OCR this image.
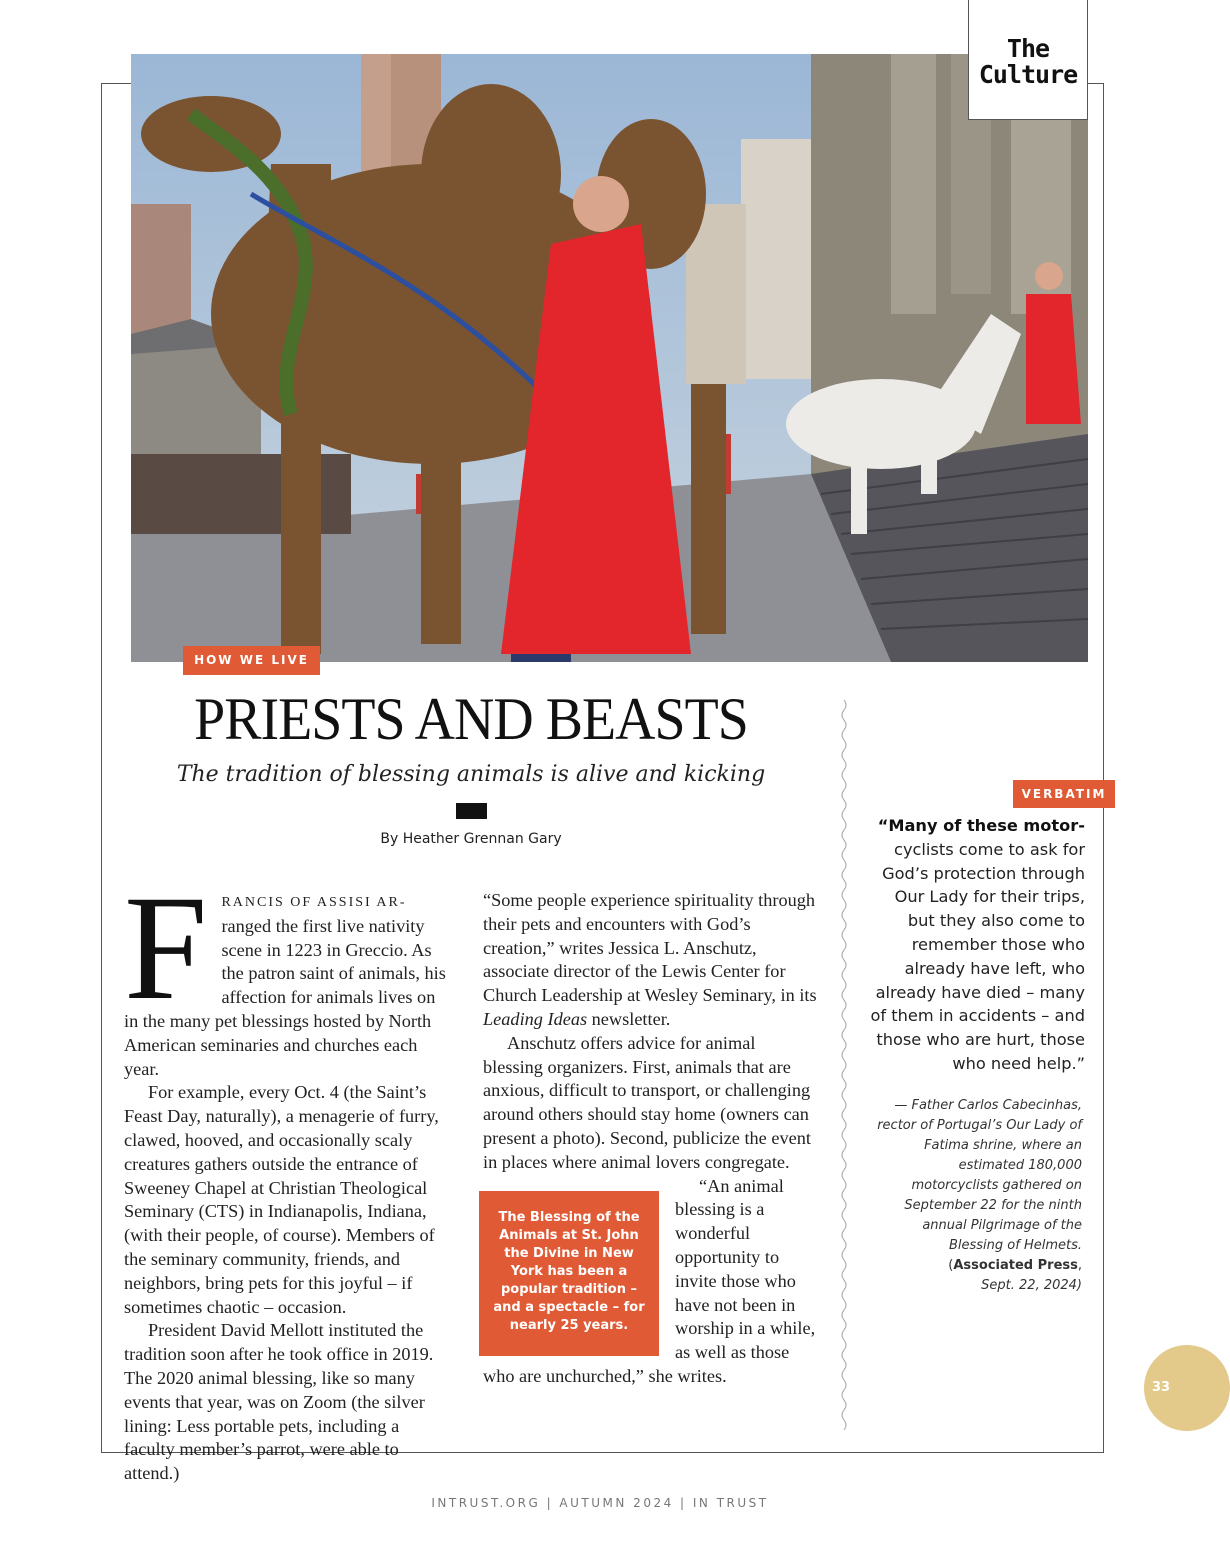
The
Culture
HOW WE LIVE
PRIESTS AND BEASTS
The tradition of blessing animals is alive and kicking
By Heather Grennan Gary

F RANCIS OF ASSISI AR- ranged the first live nativity scene in 1223 in Greccio. As the patron saint of animals, his affection for animals lives on in the many pet blessings hosted by North American seminaries and churches each year.

For example, every Oct. 4 (the Saint’s Feast Day, naturally), a menagerie of furry, clawed, hooved, and occasionally scaly creatures gathers outside the entrance of Sweeney Chapel at Christian Theological Seminary (CTS) in Indianapolis, Indiana, (with their people, of course). Members of the seminary community, friends, and neighbors, bring pets for this joyful – if sometimes chaotic – occasion.

President David Mellott instituted the tradition soon after he took office in 2019. The 2020 animal blessing, like so many events that year, was on Zoom (the silver lining: Less portable pets, including a faculty member’s parrot, were able to attend.)

“Some people experience spirituality through their pets and encounters with God’s creation,” writes Jessica L. Anschutz, associate director of the Lewis Center for Church Leadership at Wesley Seminary, in its

Leading Ideas newsletter.

Anschutz offers advice for animal blessing organizers. First, animals that are anxious, difficult to transport, or challenging around others should stay home (owners can present a photo). Second, publicize the event in places where animal lovers congregate.

The Blessing of the Animals at St. John the Divine in New York has been a popular tradition – and a spectacle – for nearly 25 years.

“An animal blessing is a wonderful opportunity to invite those who have not been in worship in a while, as well as those who are unchurched,” she writes.

VERBATIM
“Many of these motor- cyclists come to ask for God’s protection through Our Lady for their trips, but they also come to remember those who already have left, who already have died – many of them in accidents – and those who are hurt, those who need help.”
— Father Carlos Cabecinhas, rector of Portugal’s Our Lady of Fatima shrine, where an estimated 180,000 motorcyclists gathered on September 22 for the ninth annual Pilgrimage of the Blessing of Helmets.
(Associated Press,
Sept. 22, 2024)
33
INTRUST.ORG | AUTUMN 2024 | IN TRUST
